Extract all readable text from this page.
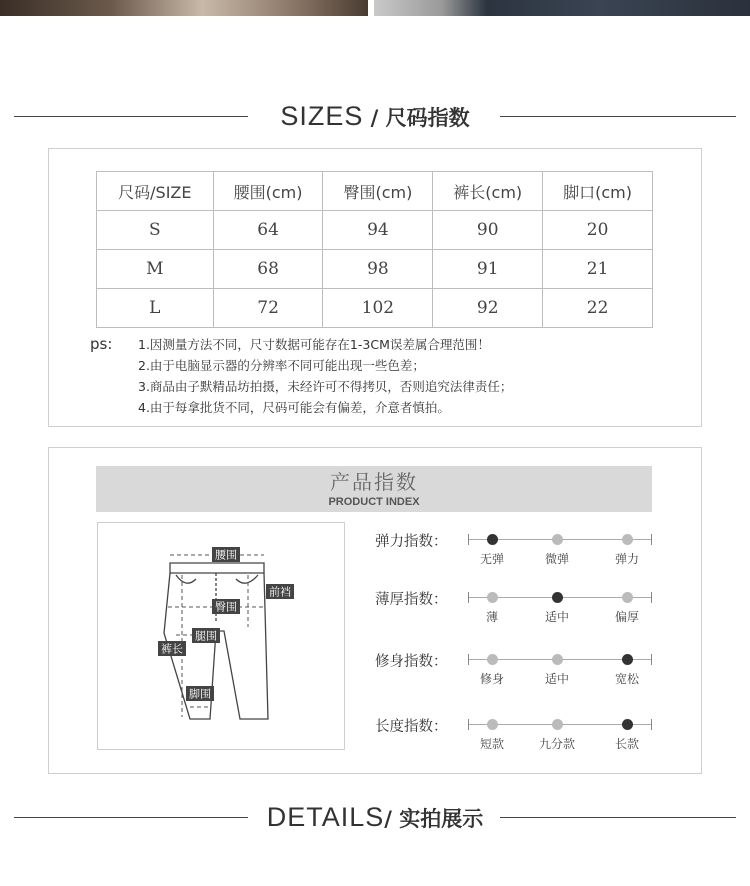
SIZES / 尺码指数
尺码/SIZE	腰围(cm)	臀围(cm)	裤长(cm)	脚口(cm)
S	64	94	90	20
M	68	98	91	21
L	72	102	92	22
ps: 1.因测量方法不同，尺寸数据可能存在1-3CM误差属合理范围！
2.由于电脑显示器的分辨率不同可能出现一些色差；
3.商品由子默精品坊拍摄，未经许可不得拷贝，否则追究法律责任；
4.由于每拿批货不同，尺码可能会有偏差，介意者慎拍。
产品指数
PRODUCT INDEX
腰围
前裆
臀围
腿围
裤长
脚围
弹力指数：
无弹	微弹	弹力
薄厚指数：
薄	适中	偏厚
修身指数：
修身	适中	宽松
长度指数：
短款	九分款	长款
DETAILS/ 实拍展示
